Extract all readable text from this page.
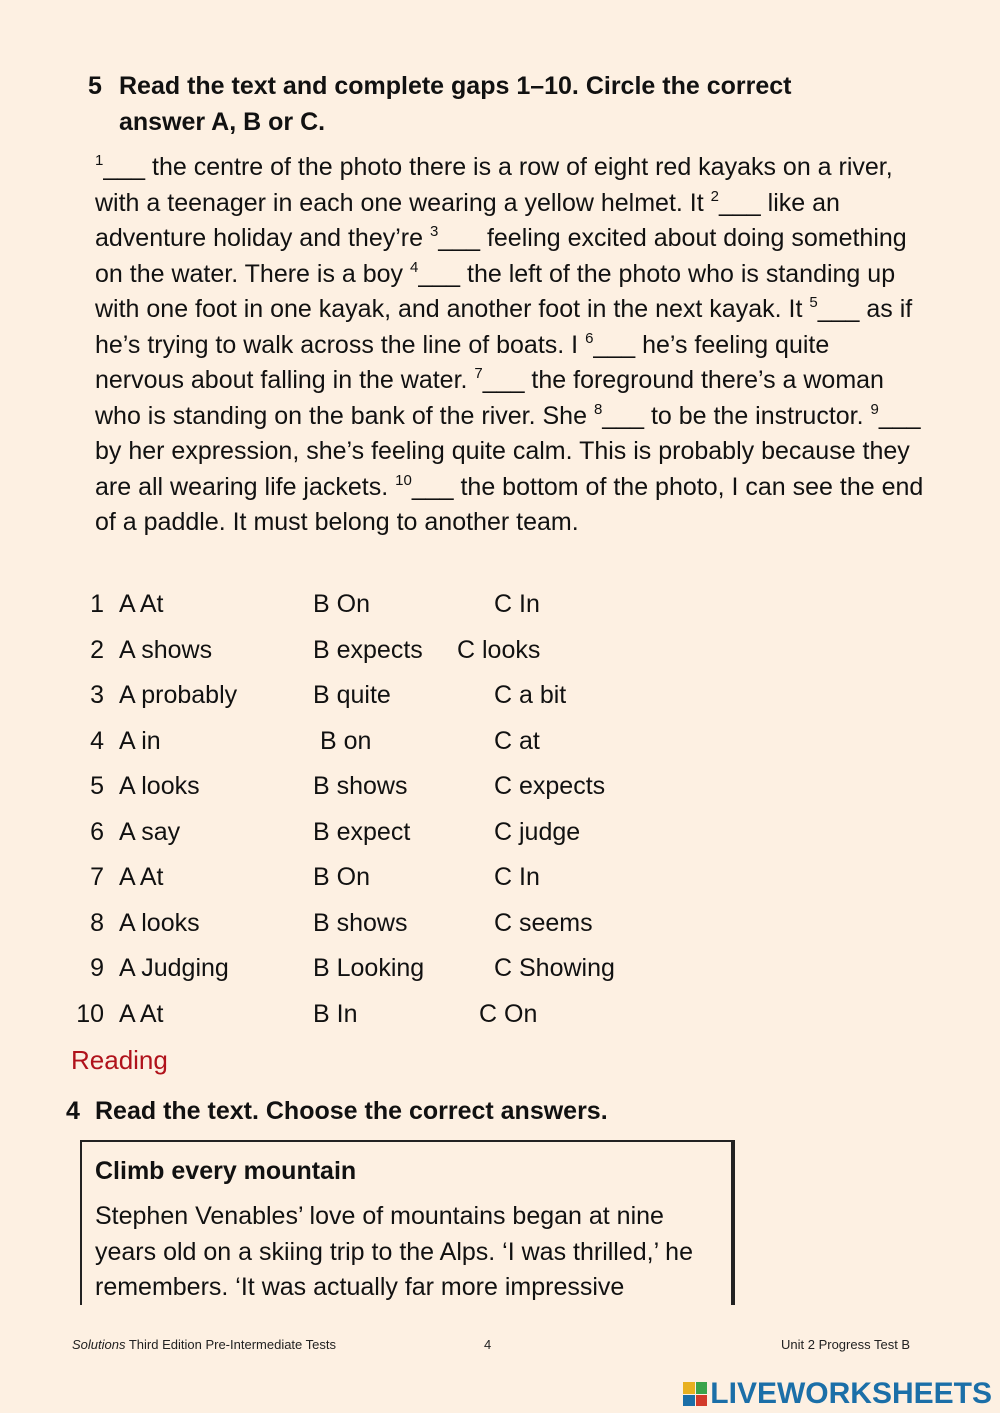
5 Read the text and complete gaps 1–10. Circle the correct answer A, B or C.
$^1$___ the centre of the photo there is a row of eight red kayaks on a river, with a teenager in each one wearing a yellow helmet. It $^2$___ like an adventure holiday and they’re $^3$___ feeling excited about doing something on the water. There is a boy $^4$___ the left of the photo who is standing up with one foot in one kayak, and another foot in the next kayak. It $^5$___ as if he’s trying to walk across the line of boats. I $^6$___ he’s feeling quite nervous about falling in the water. $^7$___ the foreground there’s a woman who is standing on the bank of the river. She $^8$___ to be the instructor. $^9$___ by her expression, she’s feeling quite calm. This is probably because they are all wearing life jackets. $^{10}$___ the bottom of the photo, I can see the end of a paddle. It must belong to another team.
1 A At	B On	C In
2 A shows	B expects C looks
3 A probably	B quite	C a bit
4 A in	B on	C at
5 A looks	B shows	C expects
6 A say	B expect	C judge
7 A At	B On	C In
8 A looks	B shows	C seems
9 A Judging	B Looking	C Showing
10 A At	B In	C On
Reading
4 Read the text. Choose the correct answers.
Climb every mountain
Stephen Venables’ love of mountains began at nine years old on a skiing trip to the Alps. ‘I was thrilled,’ he remembers. ‘It was actually far more impressive
Solutions Third Edition Pre-Intermediate Tests	4	Unit 2 Progress Test B
LIVEWORKSHEETS
